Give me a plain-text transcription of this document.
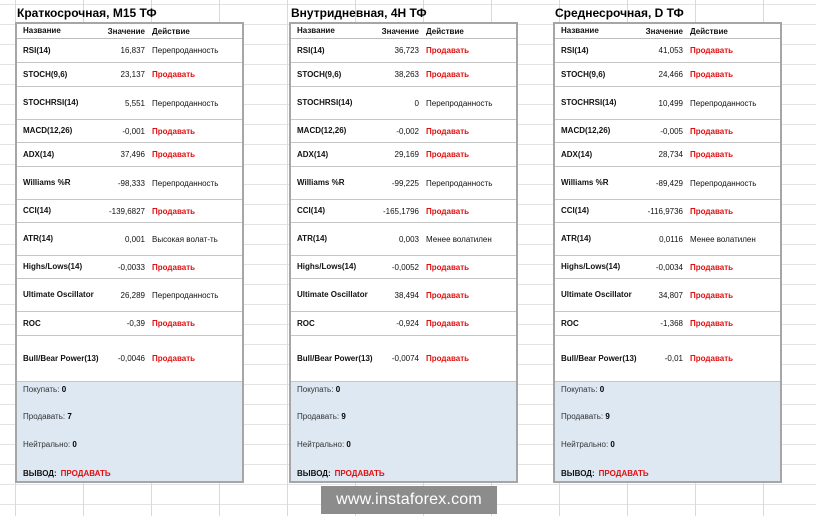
Краткосрочная, М15 ТФ
Название	Значение Действие
RSI(14)	16,837 Перепроданность
STOCH(9,6)	23,137 Продавать
STOCHRSI(14)	5,551 Перепроданность
MACD(12,26)	-0,001 Продавать
ADX(14)	37,496 Продавать
Williams %R	-98,333 Перепроданность
CCI(14)	-139,6827 Продавать
ATR(14)	0,001 Высокая волат-ть
Highs/Lows(14)	-0,0033 Продавать
Ultimate Oscillator	26,289 Перепроданность
ROC	-0,39 Продавать
Bull/Bear Power(13)	-0,0046 Продавать
Покупать: 0
Продавать: 7
Нейтрально: 0
ВЫВОД: ПРОДАВАТЬ
Внутридневная, 4Н ТФ
Название	Значение Действие
RSI(14)	36,723 Продавать
STOCH(9,6)	38,263 Продавать
STOCHRSI(14)	0 Перепроданность
MACD(12,26)	-0,002 Продавать
ADX(14)	29,169 Продавать
Williams %R	-99,225 Перепроданность
CCI(14)	-165,1796 Продавать
ATR(14)	0,003 Менее волатилен
Highs/Lows(14)	-0,0052 Продавать
Ultimate Oscillator	38,494 Продавать
ROC	-0,924 Продавать
Bull/Bear Power(13)	-0,0074 Продавать
Покупать: 0
Продавать: 9
Нейтрально: 0
ВЫВОД: ПРОДАВАТЬ
Среднесрочная, D ТФ
Название	Значение Действие
RSI(14)	41,053 Продавать
STOCH(9,6)	24,466 Продавать
STOCHRSI(14)	10,499 Перепроданность
MACD(12,26)	-0,005 Продавать
ADX(14)	28,734 Продавать
Williams %R	-89,429 Перепроданность
CCI(14)	-116,9736 Продавать
ATR(14)	0,0116 Менее волатилен
Highs/Lows(14)	-0,0034 Продавать
Ultimate Oscillator	34,807 Продавать
ROC	-1,368 Продавать
Bull/Bear Power(13)	-0,01 Продавать
Покупать: 0
Продавать: 9
Нейтрально: 0
ВЫВОД: ПРОДАВАТЬ
www.instaforex.com
